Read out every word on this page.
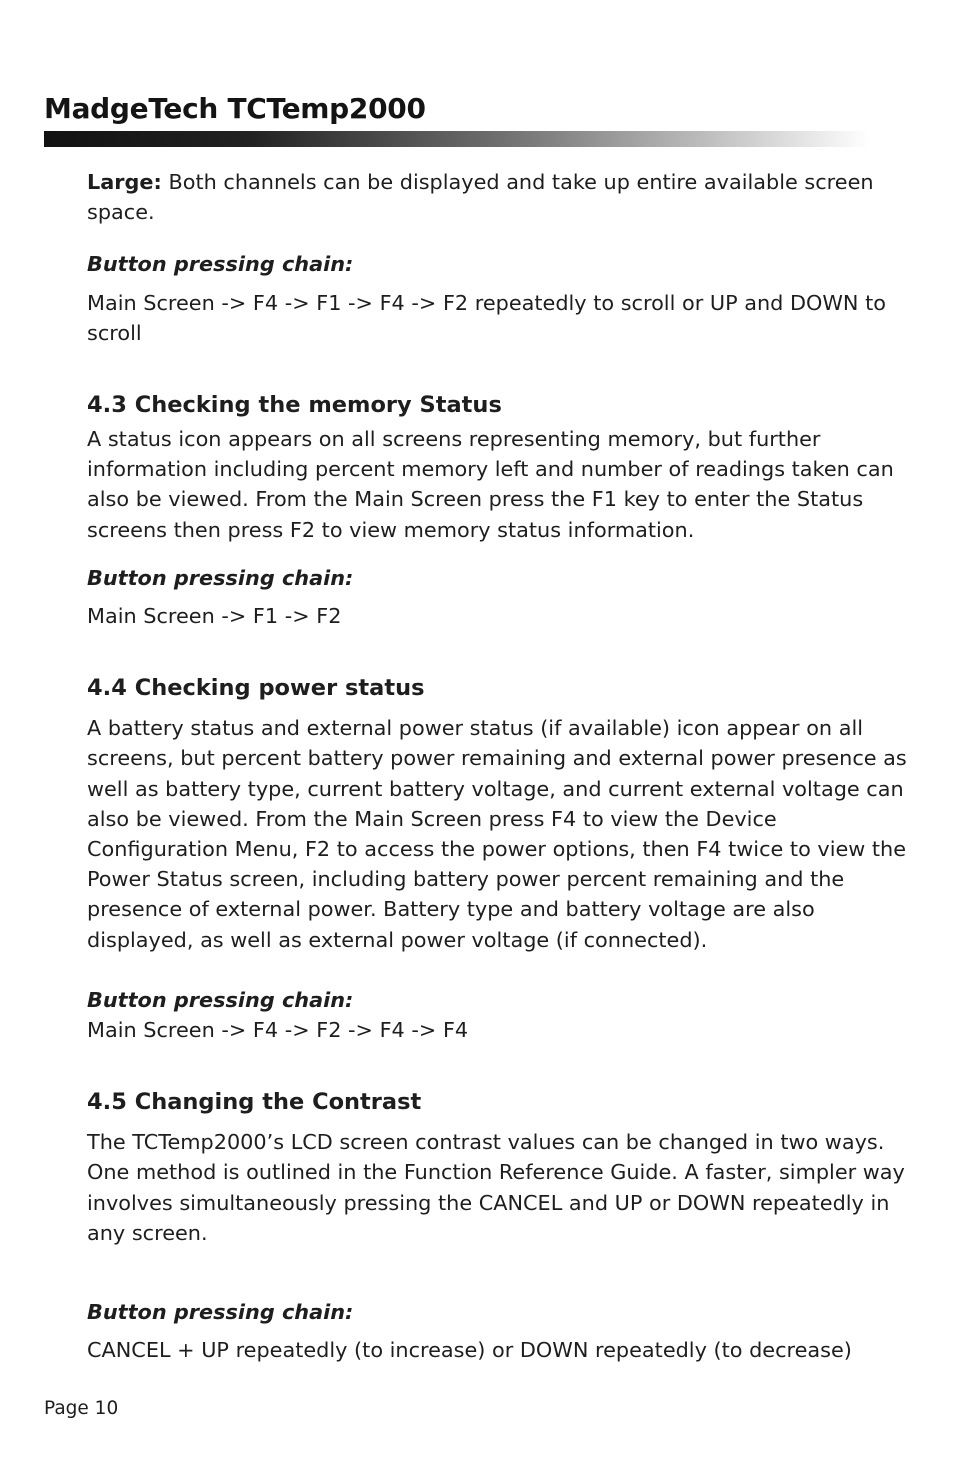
MadgeTech TCTemp2000

Large: Both channels can be displayed and take up entire available screen space.

Button pressing chain:

Main Screen -> F4 -> F1 -> F4 -> F2 repeatedly to scroll or UP and DOWN to scroll

4.3 Checking the memory Status

A status icon appears on all screens representing memory, but further information including percent memory left and number of readings taken can also be viewed. From the Main Screen press the F1 key to enter the Status screens then press F2 to view memory status information.

Button pressing chain:

Main Screen -> F1 -> F2

4.4 Checking power status

A battery status and external power status (if available) icon appear on all screens, but percent battery power remaining and external power presence as well as battery type, current battery voltage, and current external voltage can also be viewed. From the Main Screen press F4 to view the Device Configuration Menu, F2 to access the power options, then F4 twice to view the Power Status screen, including battery power percent remaining and the presence of external power. Battery type and battery voltage are also displayed, as well as external power voltage (if connected).

Button pressing chain:

Main Screen -> F4 -> F2 -> F4 -> F4

4.5 Changing the Contrast

The TCTemp2000’s LCD screen contrast values can be changed in two ways. One method is outlined in the Function Reference Guide. A faster, simpler way involves simultaneously pressing the CANCEL and UP or DOWN repeatedly in any screen.

Button pressing chain:

CANCEL + UP repeatedly (to increase) or DOWN repeatedly (to decrease)

Page 10
